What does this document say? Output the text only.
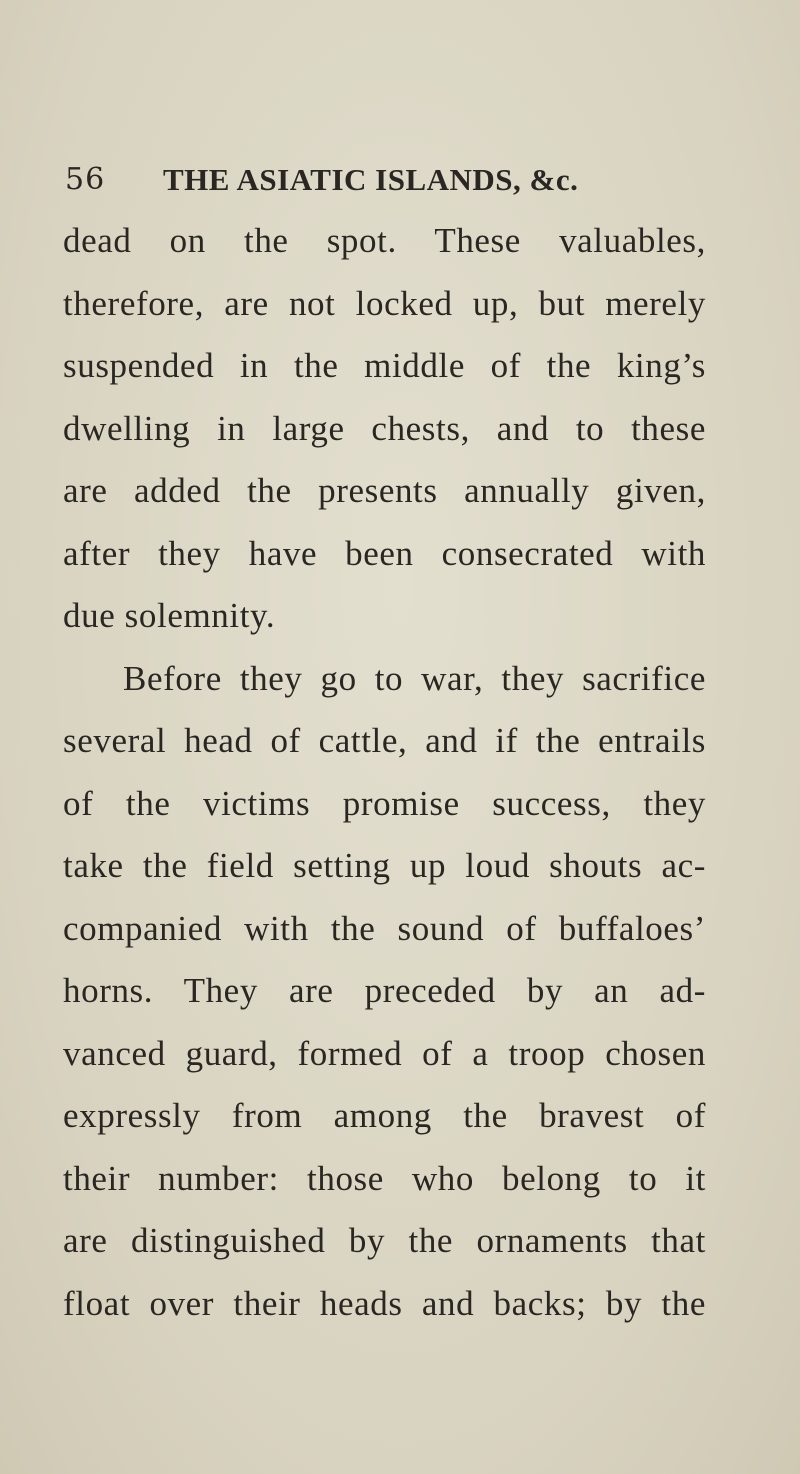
56 THE ASIATIC ISLANDS, &c.
dead on the spot. These valuables,
therefore, are not locked up, but merely
suspended in the middle of the king’s
dwelling in large chests, and to these
are added the presents annually given,
after they have been consecrated with
due solemnity.
Before they go to war, they sacrifice
several head of cattle, and if the entrails
of the victims promise success, they
take the field setting up loud shouts ac-
companied with the sound of buffaloes’
horns. They are preceded by an ad-
vanced guard, formed of a troop chosen
expressly from among the bravest of
their number: those who belong to it
are distinguished by the ornaments that
float over their heads and backs; by the
